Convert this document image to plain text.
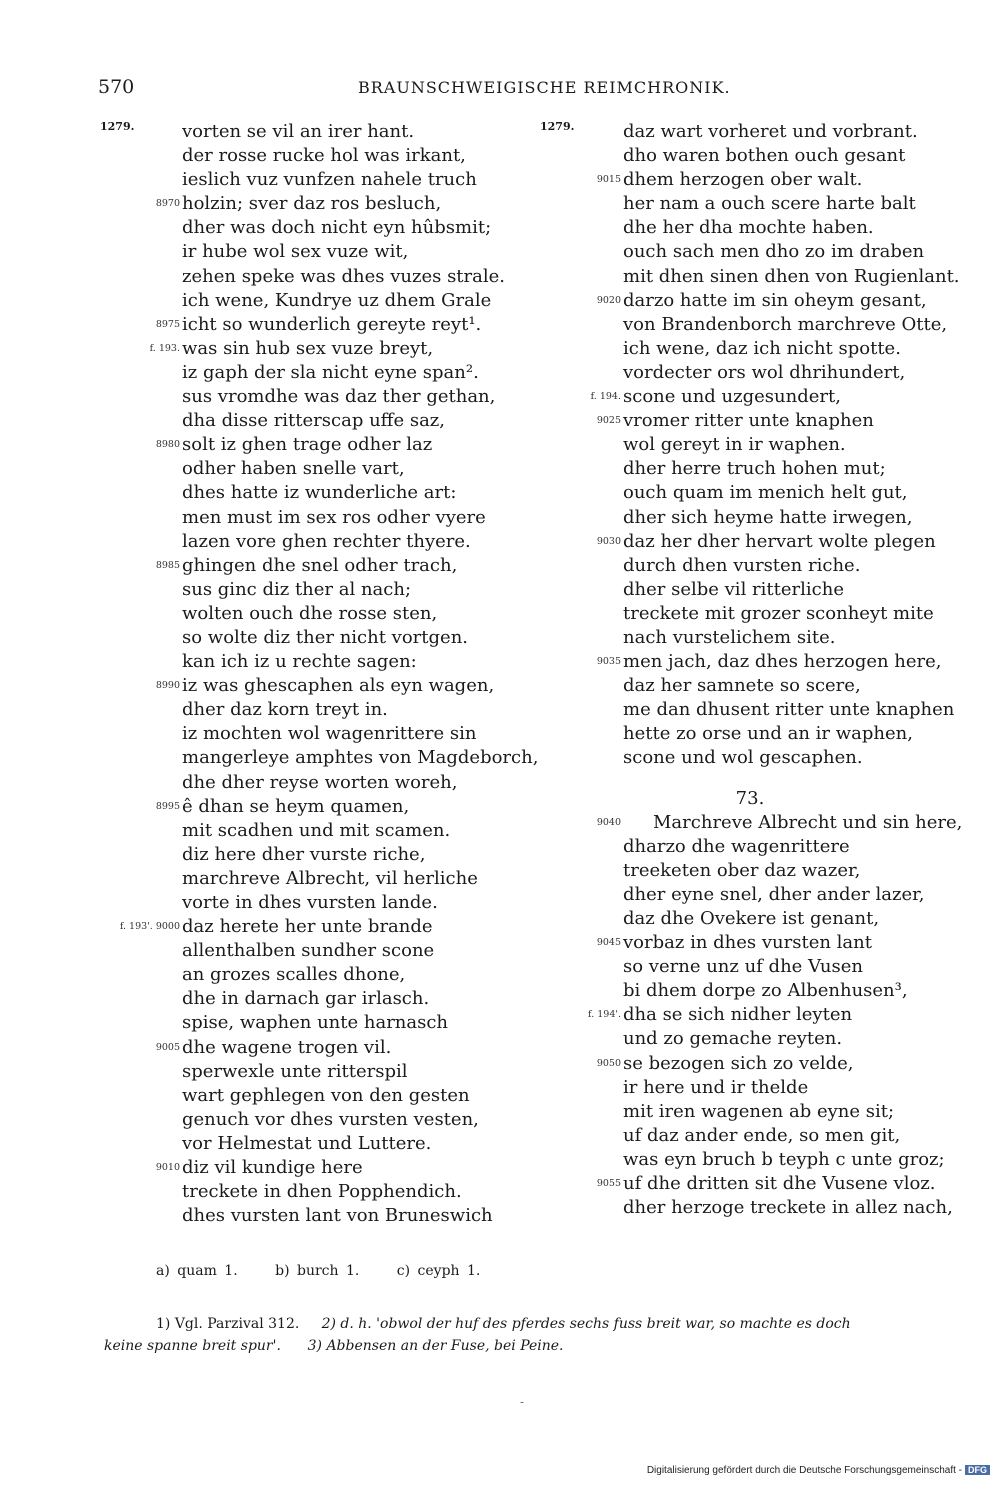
570	BRAUNSCHWEIGISCHE REIMCHRONIK.
1279.	vorten se vil an irer hant.
der rosse rucke hol was irkant,
ieslich vuz vunfzen nahele truch
8970 holzin; sver daz ros besluch,
dher was doch nicht eyn hûbsmit;
ir hube wol sex vuze wit,
zehen speke was dhes vuzes strale.
ich wene, Kundrye uz dhem Grale
8975 icht so wunderlich gereyte reyt¹.
f. 193. was sin hub sex vuze breyt,
iz gaph der sla nicht eyne span².
sus vromdhe was daz ther gethan,
dha disse ritterscap uffe saz,
8980 solt iz ghen trage odher laz
odher haben snelle vart,
dhes hatte iz wunderliche art:
men must im sex ros odher vyere
lazen vore ghen rechter thyere.
8985 ghingen dhe snel odher trach,
sus ginc diz ther al nach;
wolten ouch dhe rosse sten,
so wolte diz ther nicht vortgen.
kan ich iz u rechte sagen:
8990 iz was ghescaphen als eyn wagen,
dher daz korn treyt in.
iz mochten wol wagenrittere sin
mangerleye amphtes von Magdeborch,
dhe dher reyse worten woreh,
8995 ê dhan se heym quamen,
mit scadhen und mit scamen.
diz here dher vurste riche,
marchreve Albrecht, vil herliche
vorte in dhes vursten lande.
f. 193'. 9000 daz herete her unte brande
allenthalben sundher scone
an grozes scalles dhone,
dhe in darnach gar irlasch.
spise, waphen unte harnasch
9005 dhe wagene trogen vil.
sperwexle unte ritterspil
wart gephlegen von den gesten
genuch vor dhes vursten vesten,
vor Helmestat und Luttere.
9010 diz vil kundige here
treckete in dhen Popphendich.
dhes vursten lant von Bruneswich
1279.	daz wart vorheret und vorbrant.
dho waren bothen ouch gesant
9015 dhem herzogen ober walt.
her nam a ouch scere harte balt
dhe her dha mochte haben.
ouch sach men dho zo im draben
mit dhen sinen dhen von Rugienlant.
9020 darzo hatte im sin oheym gesant,
von Brandenborch marchreve Otte,
ich wene, daz ich nicht spotte.
vordecter ors wol dhrihundert,
f. 194. scone und uzgesundert,
9025 vromer ritter unte knaphen
wol gereyt in ir waphen.
dher herre truch hohen mut;
ouch quam im menich helt gut,
dher sich heyme hatte irwegen,
9030 daz her dher hervart wolte plegen
durch dhen vursten riche.
dher selbe vil ritterliche
treckete mit grozer sconheyt mite
nach vurstelichem site.
9035 men jach, daz dhes herzogen here,
daz her samnete so scere,
me dan dhusent ritter unte knaphen
hette zo orse und an ir waphen,
scone und wol gescaphen.
73.
9040 Marchreve Albrecht und sin here,
dharzo dhe wagenrittere
treeketen ober daz wazer,
dher eyne snel, dher ander lazer,
daz dhe Ovekere ist genant,
9045 vorbaz in dhes vursten lant
so verne unz uf dhe Vusen
bi dhem dorpe zo Albenhusen³,
f. 194'. dha se sich nidher leyten
und zo gemache reyten.
9050 se bezogen sich zo velde,
ir here und ir thelde
mit iren wagenen ab eyne sit;
uf daz ander ende, so men git,
was eyn bruch b teyph c unte groz;
9055 uf dhe dritten sit dhe Vusene vloz.
dher herzoge treckete in allez nach,
a) quam 1.	b) burch 1.	c) ceyph 1.
1) Vgl. Parzival 312. 2) d. h. 'obwol der huf des pferdes sechs fuss breit war, so machte es doch
keine spanne breit spur'. 3) Abbensen an der Fuse, bei Peine.
-
Digitalisierung gefördert durch die Deutsche Forschungsgemeinschaft - DFG
